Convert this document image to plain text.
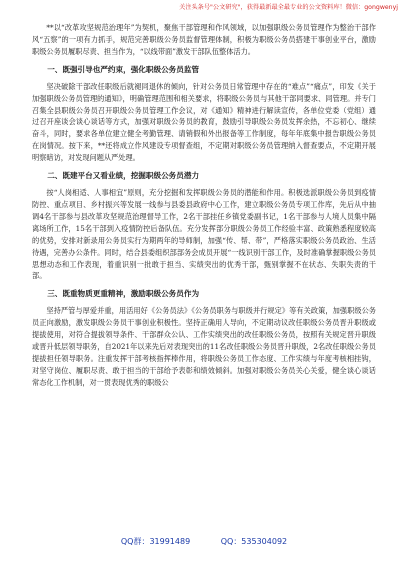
关注头条号"公文研究"，获得最新最全最专业的公文资料库！微信：gongwenyj

**以“改革攻坚规范治理年”为契机，聚焦干部管理和作风领域，以加强职级公务员管理作为整治干部作风“五察”的一项有力抓手，规范完善职级公务员监督管理体制，积极为职级公务员搭建干事创业平台，激励职级公务员履职尽责、担当作为，“以线带面”激发干部队伍整体活力。

一、既强引导也严约束，强化职级公务员监管

坚决破除干部改任职级后就褪同退休的倾向，针对公务员日常管理中存在的“难点”“痛点”，印发《关于加强职级公务员管理的通知》，明确管理范围和相关要求，将职级公务员与其他干部同要求、同管理。并专门召集全县职级公务员召开职级公务员管理工作会议，对《通知》精神进行解读宣传，各单位党委（党组）通过召开座谈会谈心谈话等方式，加强对职级公务员的教育，鼓励引导职级公务员发挥余热，不忘初心、继续奋斗，同时，要求各单位建立健全考勤管理、请销假和外出报备等工作制度，每年年底集中报告职级公务员在岗情况。按下来，**还将成立作风建设专项督查组，不定期对职级公务员管理纳入督查要点，不定期开展明察暗访，对发现问题从严处理。

二、既建平台又看业绩，挖掘职级公务员潜力

按“人岗相适、人事相宜”原则，充分挖掘和发挥职级公务员的潜能和作用。积极选派职级公务员到疫情防控、重点项目、乡村振兴等发展一线参与县委县政府中心工作，建立职级公务员专项工作库，先后从中抽调4名干部参与县改革攻坚规范治理督导工作，2名干部挂任乡镇党委副书记，1名干部参与人境人员集中隔离场所工作，15名干部到入疫情防控后备队伍。充分发挥部分职级公务员工作经验丰富、政策熟悉程度较高的优势，安排对新录用公务员实行为期两年的导师制，加强“传、帮、带”，严格落实职级公务员政治、生活待遇，完善办公条件。同时，结合县委组织部部务会成员开展“一线识别干部工作，及时准确掌握职级公务员思想动态和工作表现，着重识别一批敢于担当、实绩突出的优秀干部，甄别掌握不在状态、失职失责的干部。

三、既重物质更重精神，激励职级公务员作为

坚持严管与厚爱并重，用活用好《公务员法》《公务员职务与职级并行规定》等有关政策，加强职级公务员正向激励，激发职级公务员干事创业积极性。坚持正确用人导向，不定期动议改任职级公务员晋升职级或提拔使用，对符合提拔领导条件、干部群众公认、工作实绩突出的改任职级公务员，按照有关规定晋升职级或晋升低层领导职务，自2021年以来先后对表现突出的11名改任职级公务员晋升职级，2名改任职级公务员提拔担任领导职务。注重发挥干部考核指挥棒作用，将职级公务员工作态度、工作实绩与年度考核相挂钩，对坚守岗位、履职尽责、敢于担当的干部给予表彰和绩效倾斜。加强对职级公务员关心关爱，健全谈心谈话常态化工作机制，对一贯表现优秀的职级公

QQ群：31991489	QQ：535304092
